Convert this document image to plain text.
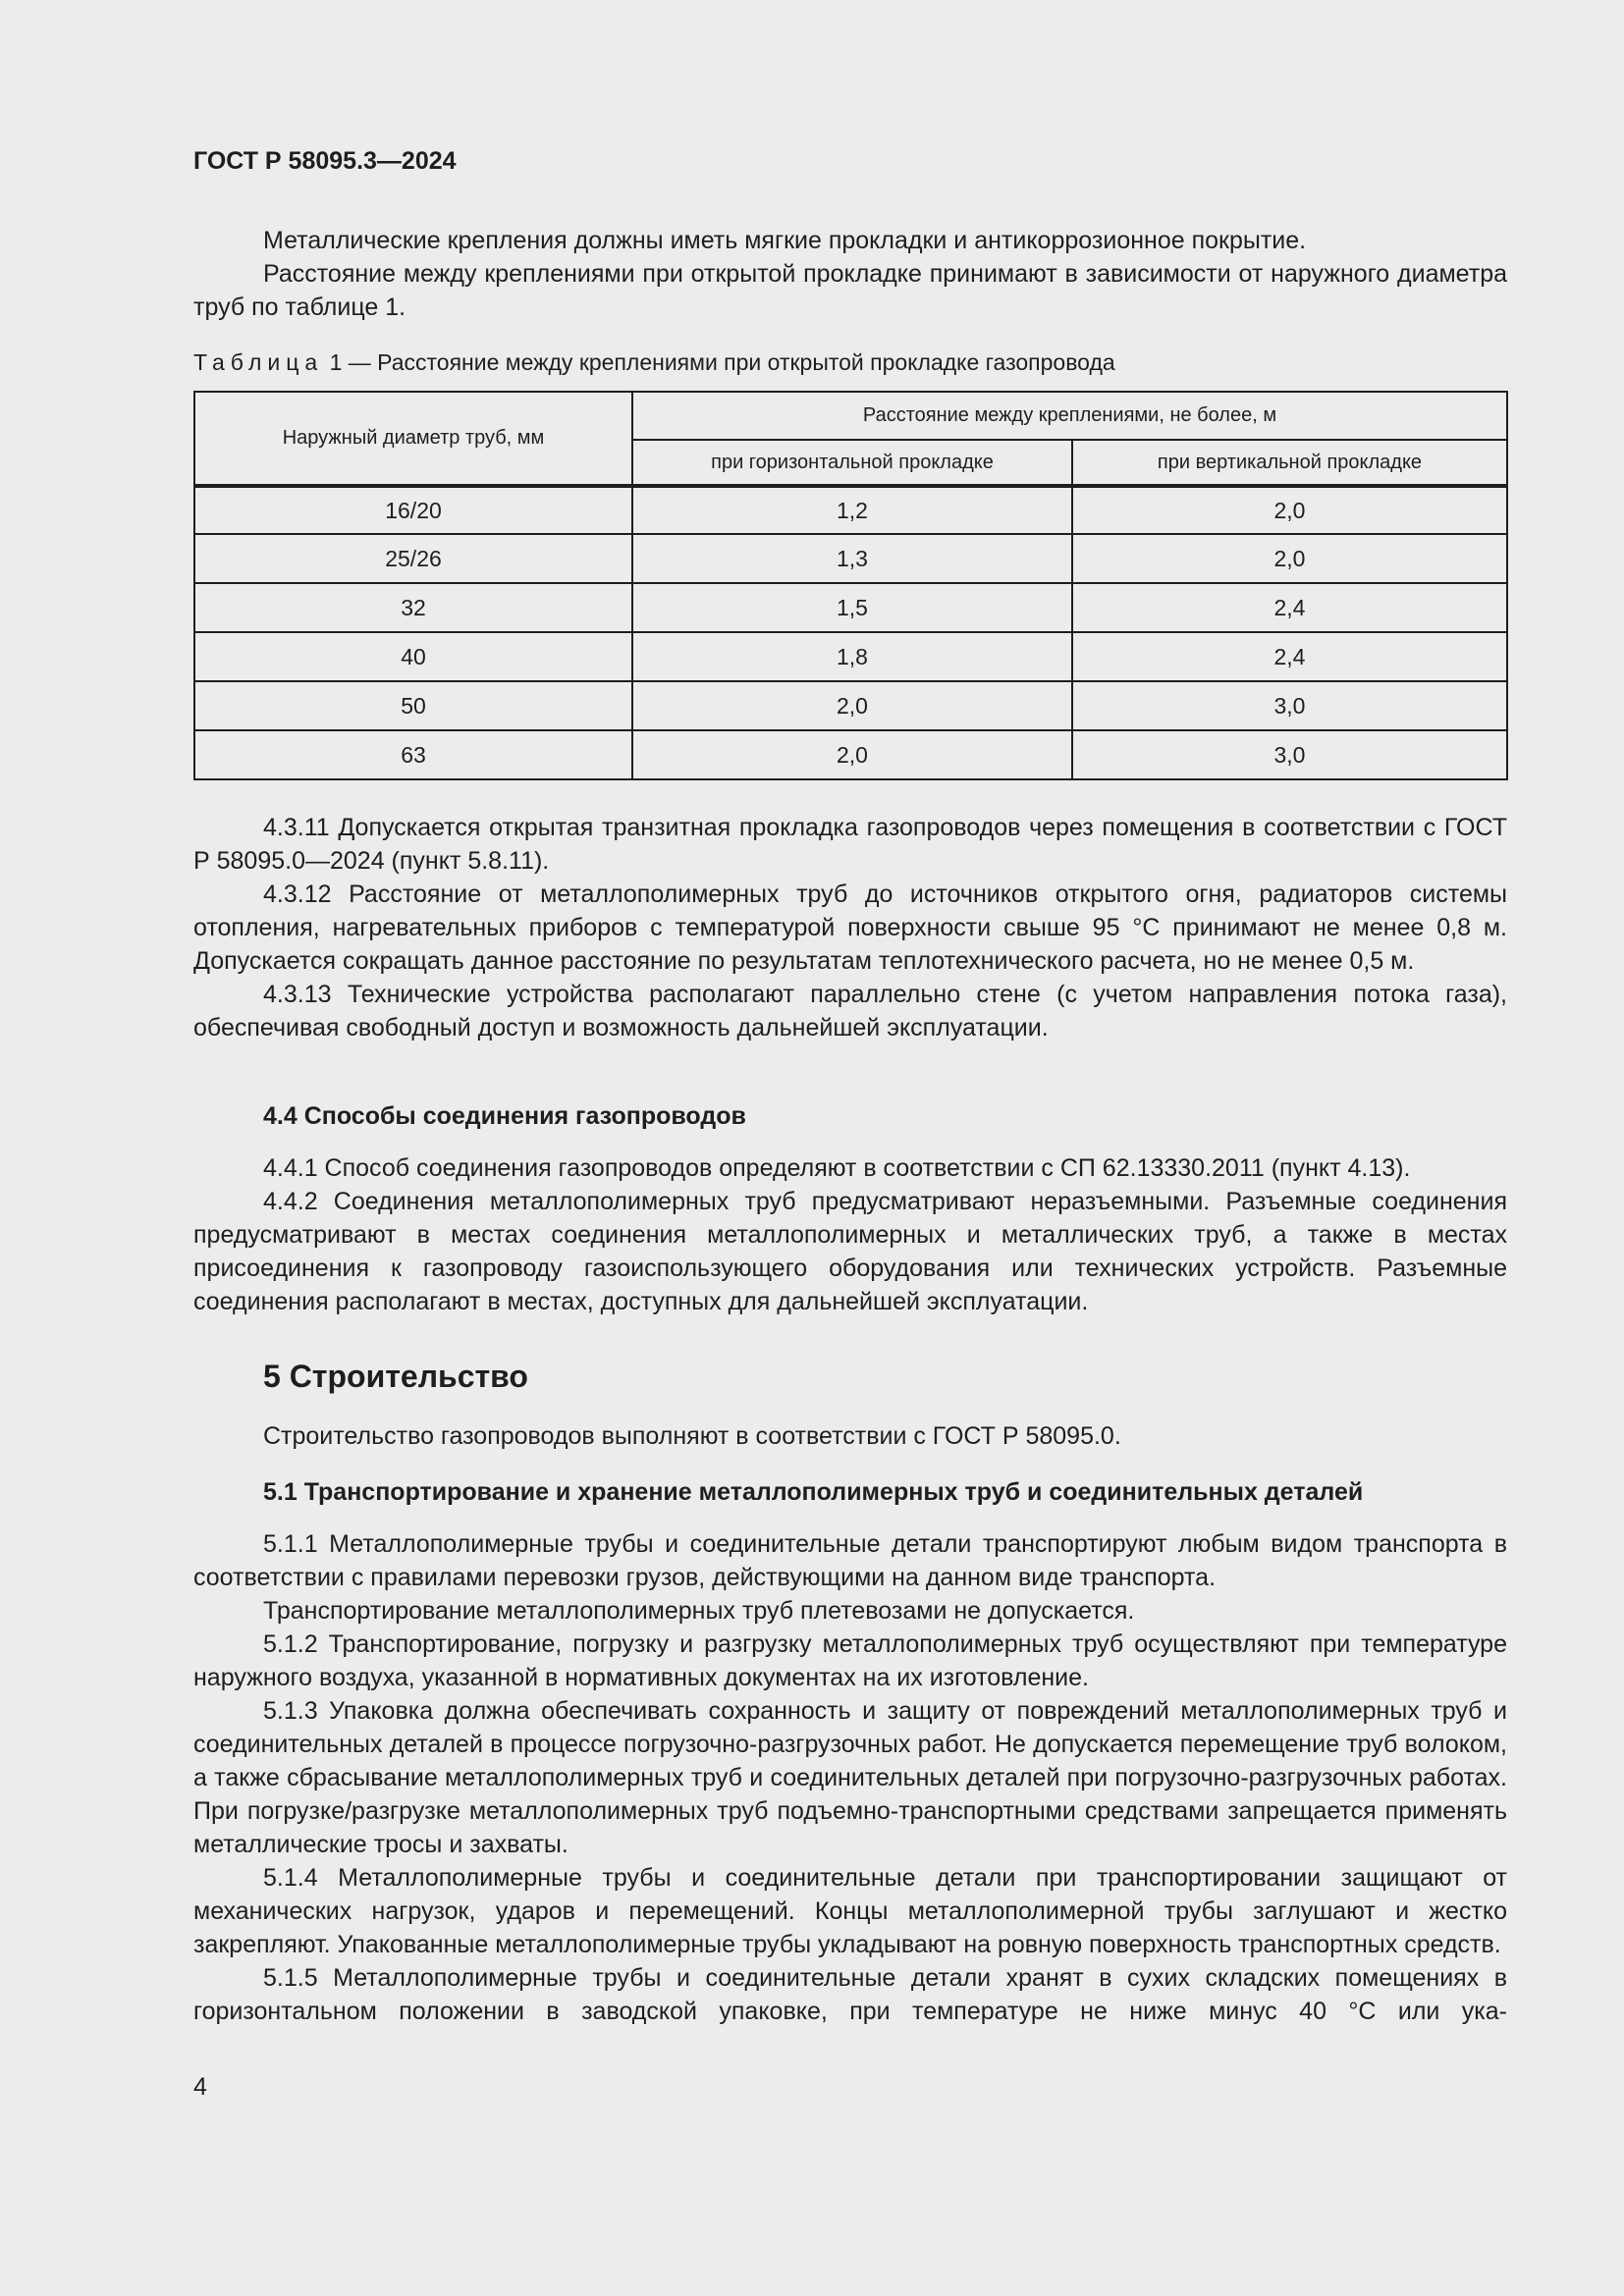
ГОСТ Р 58095.3—2024

Металлические крепления должны иметь мягкие прокладки и антикоррозионное покрытие.

Расстояние между креплениями при открытой прокладке принимают в зависимости от наружного диаметра труб по таблице 1.

Таблица 1 — Расстояние между креплениями при открытой прокладке газопровода
Наружный диаметр труб, мм	Расстояние между креплениями, не более, м	
	при горизонтальной прокладке	при вертикальной прокладке
16/20	1,2	2,0
25/26	1,3	2,0
32	1,5	2,4
40	1,8	2,4
50	2,0	3,0
63	2,0	3,0

4.3.11 Допускается открытая транзитная прокладка газопроводов через помещения в соответствии с ГОСТ Р 58095.0—2024 (пункт 5.8.11).

4.3.12 Расстояние от металлополимерных труб до источников открытого огня, радиаторов системы отопления, нагревательных приборов с температурой поверхности свыше 95 °С принимают не менее 0,8 м. Допускается сокращать данное расстояние по результатам теплотехнического расчета, но не менее 0,5 м.

4.3.13 Технические устройства располагают параллельно стене (с учетом направления потока газа), обеспечивая свободный доступ и возможность дальнейшей эксплуатации.

4.4 Способы соединения газопроводов

4.4.1 Способ соединения газопроводов определяют в соответствии с СП 62.13330.2011 (пункт 4.13).

4.4.2 Соединения металлополимерных труб предусматривают неразъемными. Разъемные соединения предусматривают в местах соединения металлополимерных и металлических труб, а также в местах присоединения к газопроводу газоиспользующего оборудования или технических устройств. Разъемные соединения располагают в местах, доступных для дальнейшей эксплуатации.

5 Строительство

Строительство газопроводов выполняют в соответствии с ГОСТ Р 58095.0.

5.1 Транспортирование и хранение металлополимерных труб и соединительных деталей

5.1.1 Металлополимерные трубы и соединительные детали транспортируют любым видом транспорта в соответствии с правилами перевозки грузов, действующими на данном виде транспорта.

Транспортирование металлополимерных труб плетевозами не допускается.

5.1.2 Транспортирование, погрузку и разгрузку металлополимерных труб осуществляют при температуре наружного воздуха, указанной в нормативных документах на их изготовление.

5.1.3 Упаковка должна обеспечивать сохранность и защиту от повреждений металлополимерных труб и соединительных деталей в процессе погрузочно-разгрузочных работ. Не допускается перемещение труб волоком, а также сбрасывание металлополимерных труб и соединительных деталей при погрузочно-разгрузочных работах. При погрузке/разгрузке металлополимерных труб подъемно-транспортными средствами запрещается применять металлические тросы и захваты.

5.1.4 Металлополимерные трубы и соединительные детали при транспортировании защищают от механических нагрузок, ударов и перемещений. Концы металлополимерной трубы заглушают и жестко закрепляют. Упакованные металлополимерные трубы укладывают на ровную поверхность транспортных средств.

5.1.5 Металлополимерные трубы и соединительные детали хранят в сухих складских помещениях в горизонтальном положении в заводской упаковке, при температуре не ниже минус 40 °С или ука-

4
